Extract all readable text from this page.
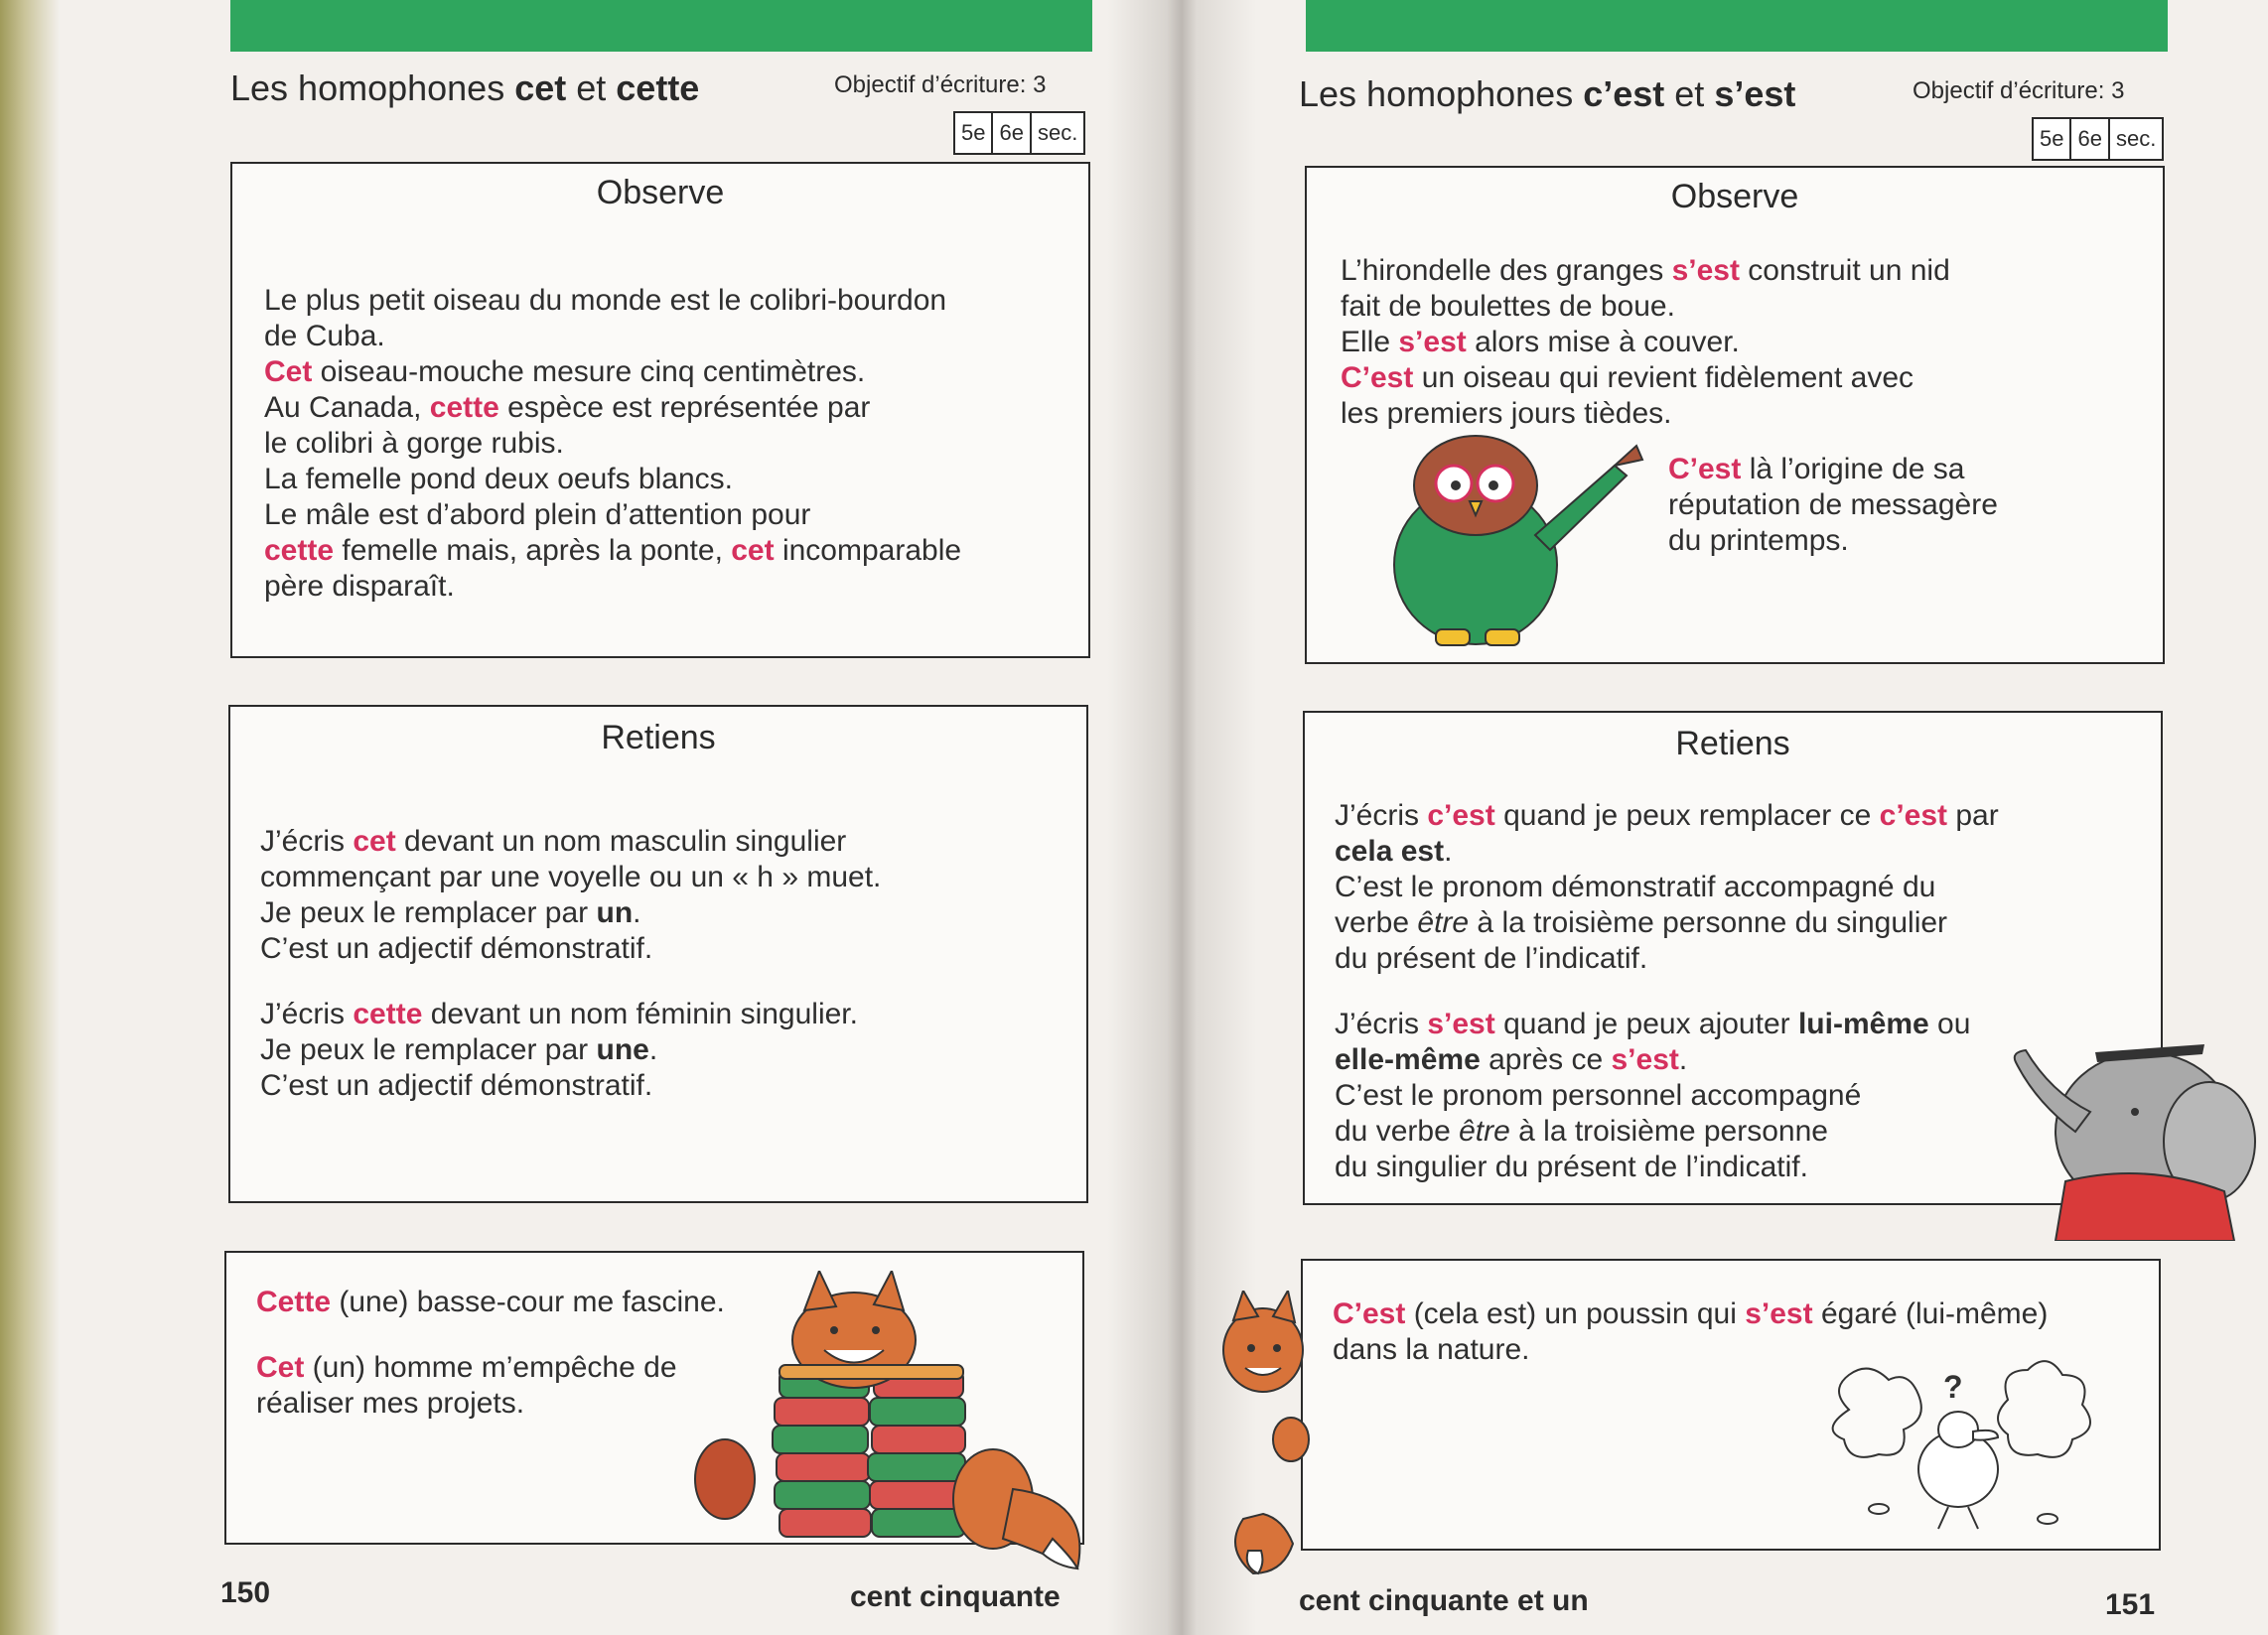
Les homophones cet et cette	Objectif d’écriture: 3
5e 6e sec.
Observe
Le plus petit oiseau du monde est le colibri-bourdon
de Cuba.
Cet oiseau-mouche mesure cinq centimètres.
Au Canada, cette espèce est représentée par
le colibri à gorge rubis.
La femelle pond deux oeufs blancs.
Le mâle est d’abord plein d’attention pour
cette femelle mais, après la ponte, cet incomparable
père disparaît.
Retiens
J’écris cet devant un nom masculin singulier
commençant par une voyelle ou un « h » muet.
Je peux le remplacer par un.
C’est un adjectif démonstratif.
J’écris cette devant un nom féminin singulier.
Je peux le remplacer par une.
C’est un adjectif démonstratif.
Cette (une) basse-cour me fascine.
Cet (un) homme m’empêche de
réaliser mes projets.
150	cent cinquante
Les homophones c’est et s’est	Objectif d’écriture: 3
5e 6e sec.
Observe
L’hirondelle des granges s’est construit un nid
fait de boulettes de boue.
Elle s’est alors mise à couver.
C’est un oiseau qui revient fidèlement avec
les premiers jours tièdes.
C’est là l’origine de sa
réputation de messagère
du printemps.
Retiens
J’écris c’est quand je peux remplacer ce c’est par
cela est.
C’est le pronom démonstratif accompagné du
verbe être à la troisième personne du singulier
du présent de l’indicatif.
J’écris s’est quand je peux ajouter lui-même ou
elle-même après ce s’est.
C’est le pronom personnel accompagné
du verbe être à la troisième personne
du singulier du présent de l’indicatif.
C’est (cela est) un poussin qui s’est égaré (lui-même)
dans la nature.
?
cent cinquante et un	151
